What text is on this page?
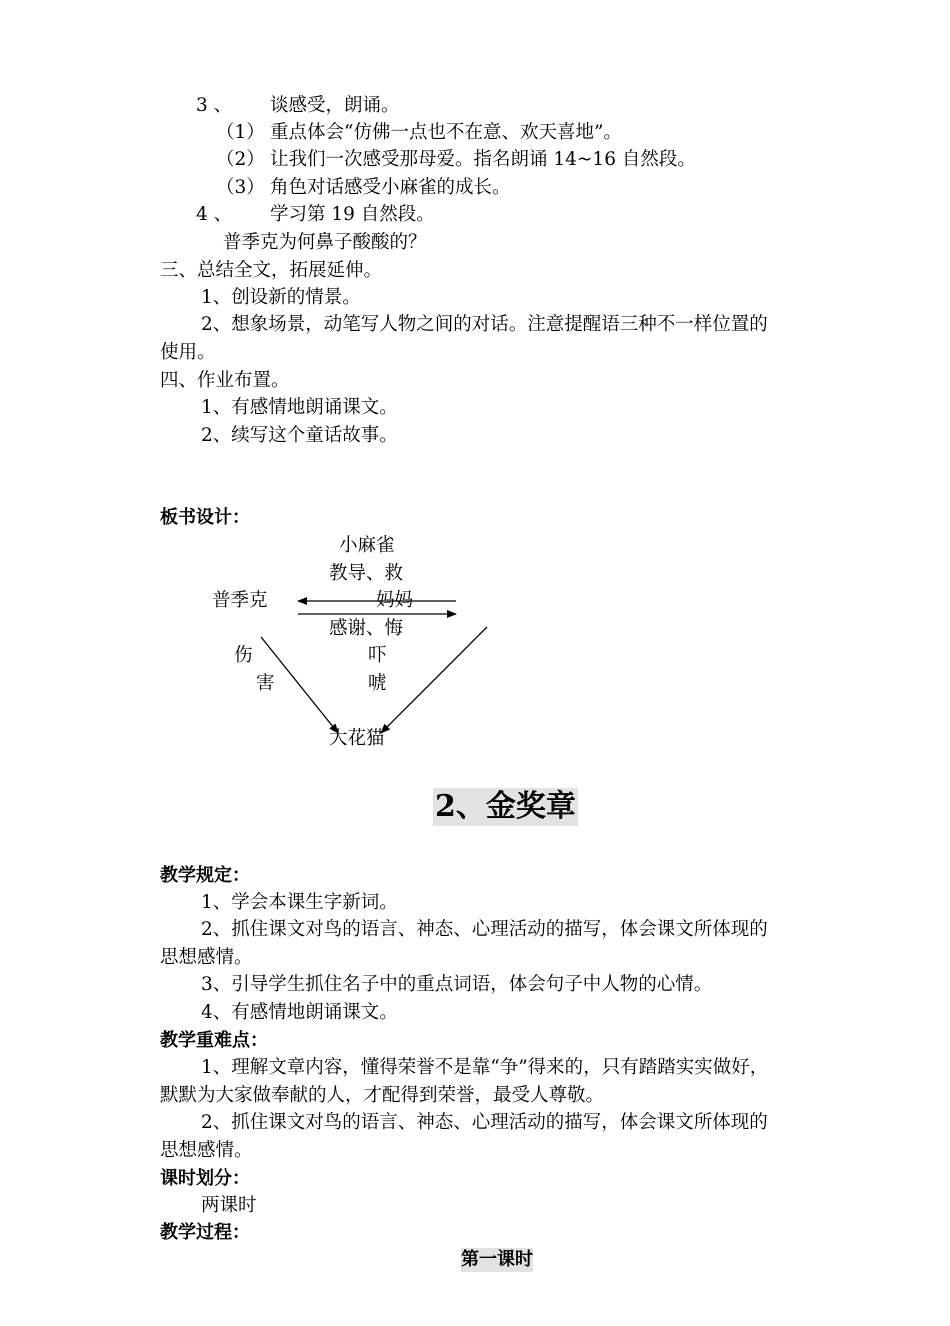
3 、 谈感受，朗诵。
（1） 重点体会“仿佛一点也不在意、欢天喜地”。
（2） 让我们一次感受那母爱。指名朗诵 14~16 自然段。
（3） 角色对话感受小麻雀的成长。
4 、 学习第 19 自然段。
普季克为何鼻子酸酸的？
三、总结全文，拓展延伸。
1、创设新的情景。
2、想象场景，动笔写人物之间的对话。注意提醒语三种不一样位置的
使用。
四、作业布置。
1、有感情地朗诵课文。
2、续写这个童话故事。
板书设计：
小麻雀
教导、救
普季克	妈妈
感谢、悔
伤	吓
害	唬
大花猫
2、金奖章
教学规定：
1、学会本课生字新词。
2、抓住课文对鸟的语言、神态、心理活动的描写，体会课文所体现的
思想感情。
3、引导学生抓住名子中的重点词语，体会句子中人物的心情。
4、有感情地朗诵课文。
教学重难点：
1、理解文章内容，懂得荣誉不是靠“争”得来的，只有踏踏实实做好，
默默为大家做奉献的人，才配得到荣誉，最受人尊敬。
2、抓住课文对鸟的语言、神态、心理活动的描写，体会课文所体现的
思想感情。
课时划分：
两课时
教学过程：
第一课时
